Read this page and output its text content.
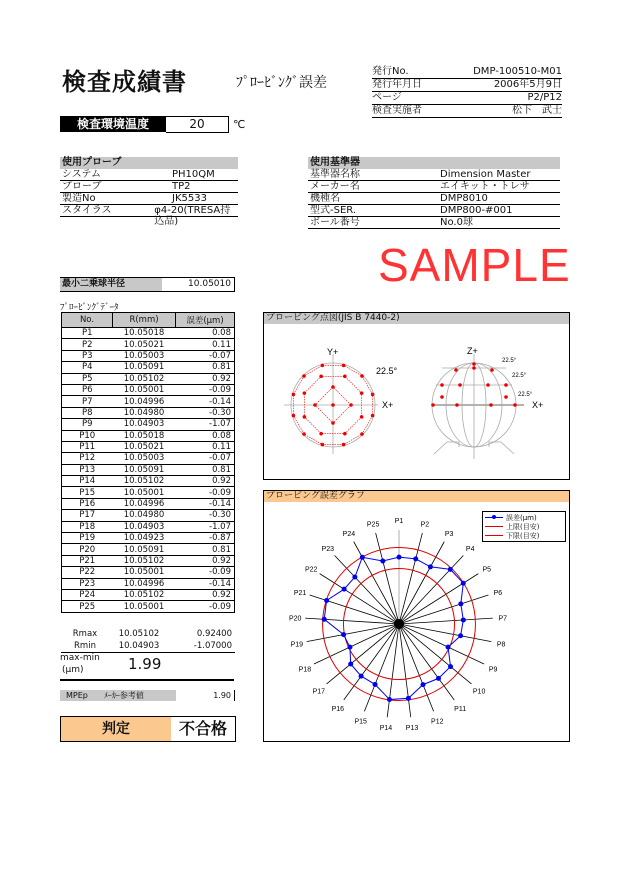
検査成績書	ﾌﾟﾛｰﾋﾞﾝｸﾞ誤差
発行No.	DMP-100510-M01
発行年月日	2006年5月9日
ページ	P2/P12
検査実施者	松下　武士
検査環境温度	20	℃
使用プローブ
システム	PH10QM
プローブ	TP2
製造No	JK5533
スタイラス	φ4-20(TRESA持込品)
使用基準器
基準器名称	Dimension Master
メーカー名	エイキット・トレサ
機種名	DMP8010
型式-SER.	DMP800-#001
ボール番号	No.0球
SAMPLE
最小二乗球半径	10.05010
ﾌﾟﾛｰﾋﾞﾝｸﾞﾃﾞｰﾀ
No.	R(mm)	誤差(μm)
P1	10.05018	0.08
P2	10.05021	0.11
P3	10.05003	-0.07
P4	10.05091	0.81
P5	10.05102	0.92
P6	10.05001	-0.09
P7	10.04996	-0.14
P8	10.04980	-0.30
P9	10.04903	-1.07
P10	10.05018	0.08
P11	10.05021	0.11
P12	10.05003	-0.07
P13	10.05091	0.81
P14	10.05102	0.92
P15	10.05001	-0.09
P16	10.04996	-0.14
P17	10.04980	-0.30
P18	10.04903	-1.07
P19	10.04923	-0.87
P20	10.05091	0.81
P21	10.05102	0.92
P22	10.05001	-0.09
P23	10.04996	-0.14
P24	10.05102	0.92
P25	10.05001	-0.09
Rmax	10.05102	0.92400
Rmin	10.04903	-1.07000
max-min
(μm)	1.99
MPEp ﾒｰｶｰ参考値	1.90
判定	不合格
プロービング点図(JIS B 7440-2)
Y+
X+
22.5°
Z+
X+
22.5°
22.5°
22.5°
プロービング誤差グラフ
P1 P2
P3
P4
P5
P6
P7
P8
P9
P10
P11
P12
P13
P14
P15
P16
P17
P18
P19
P20
P21
P22
P23
P24
P25
誤差(μm)
上限(目安)
下限(目安)
